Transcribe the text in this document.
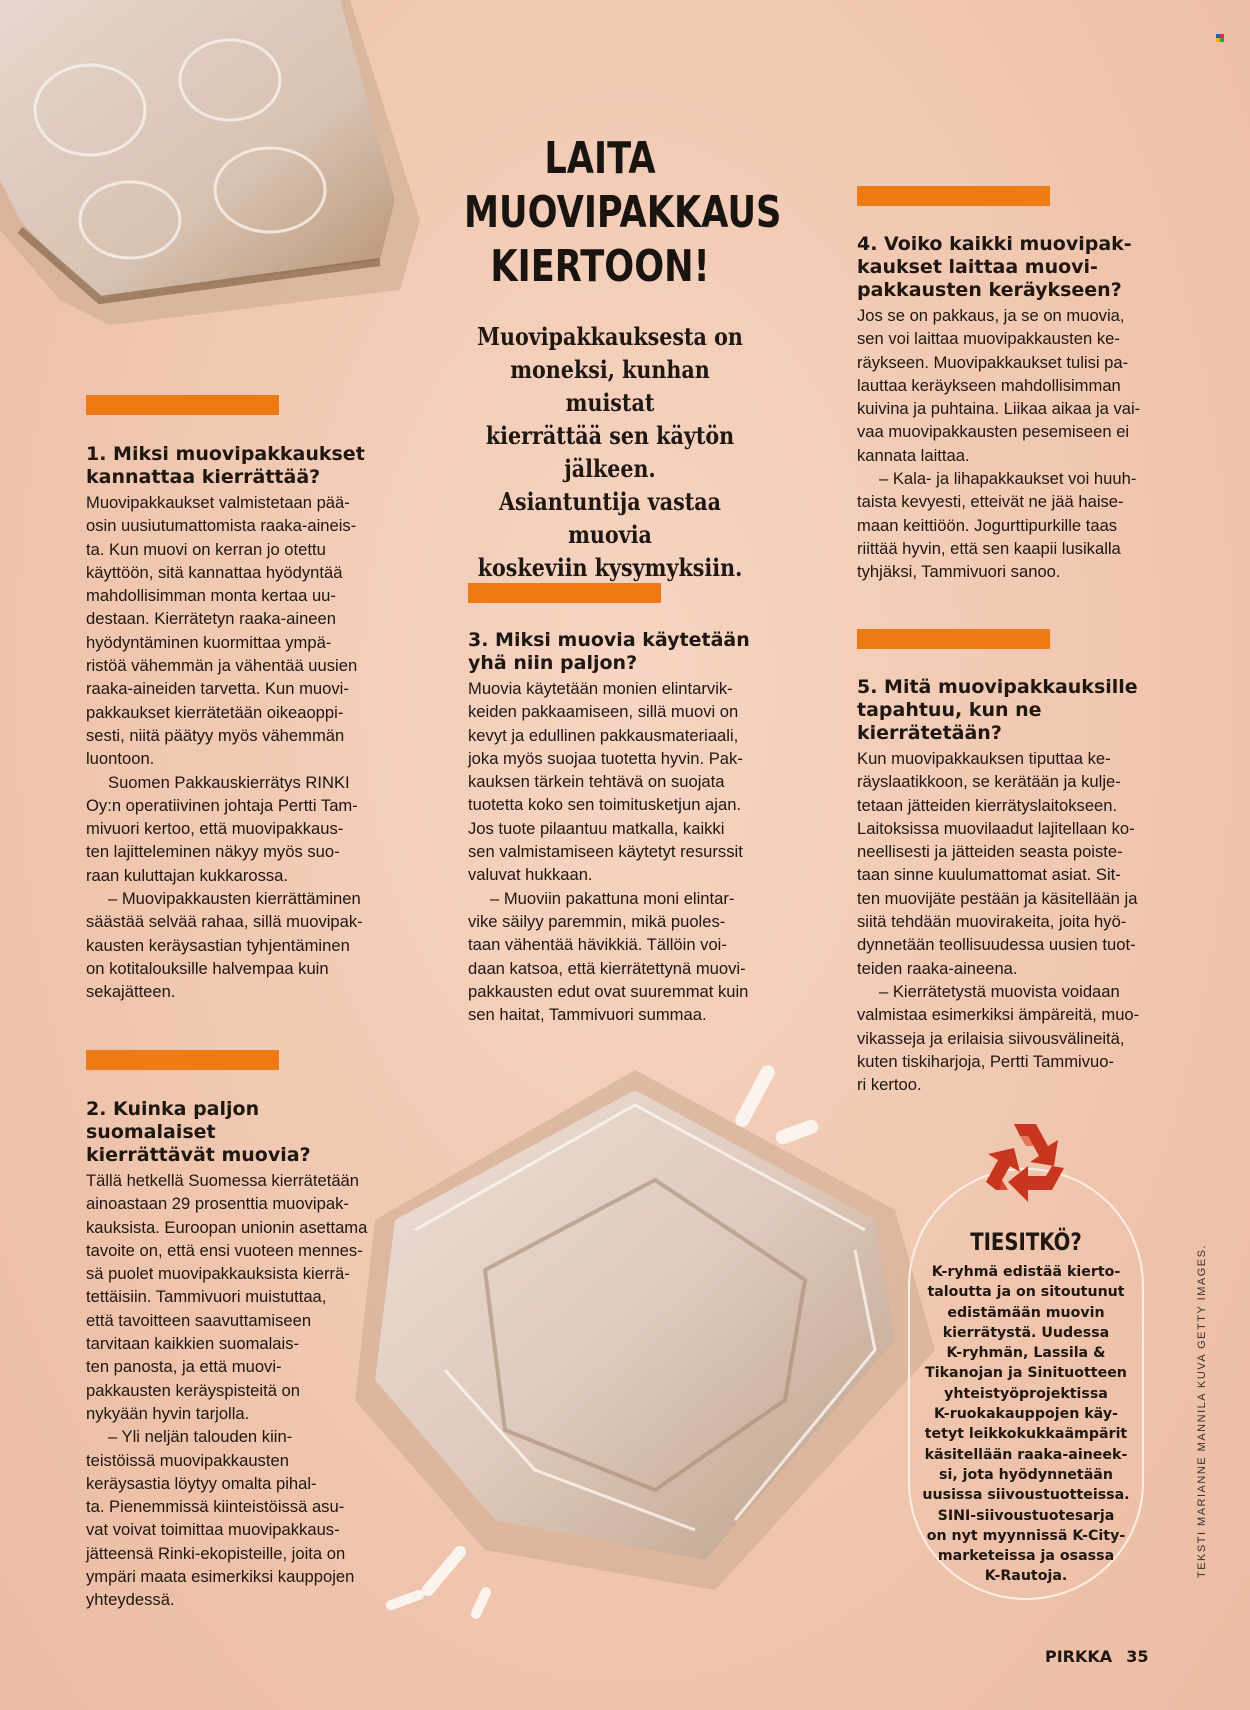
LAITA
MUOVIPAKKAUS
KIERTOON!
Muovipakkauksesta on
moneksi, kunhan muistat
kierrättää sen käytön jälkeen.
Asiantuntija vastaa muovia
koskeviin kysymyksiin.
1. Miksi muovipakkaukset
kannattaa kierrättää?

Muovipakkaukset valmistetaan pää-
osin uusiutumattomista raaka-aineis-
ta. Kun muovi on kerran jo otettu
käyttöön, sitä kannattaa hyödyntää
mahdollisimman monta kertaa uu-
destaan. Kierrätetyn raaka-aineen
hyödyntäminen kuormittaa ympä-
ristöä vähemmän ja vähentää uusien
raaka-aineiden tarvetta. Kun muovi-
pakkaukset kierrätetään oikeaoppi-
sesti, niitä päätyy myös vähemmän
luontoon.
Suomen Pakkauskierrätys RINKI
Oy:n operatiivinen johtaja Pertti Tam-
mivuori kertoo, että muovipakkaus-
ten lajitteleminen näkyy myös suo-
raan kuluttajan kukkarossa.
– Muovipakkausten kierrättäminen
säästää selvää rahaa, sillä muovipak-
kausten keräysastian tyhjentäminen
on kotitalouksille halvempaa kuin
sekajätteen.

2. Kuinka paljon suomalaiset
kierrättävät muovia?

Tällä hetkellä Suomessa kierrätetään
ainoastaan 29 prosenttia muovipak-
kauksista. Euroopan unionin asettama
tavoite on, että ensi vuoteen mennes-
sä puolet muovipakkauksista kierrä-
tettäisiin. Tammivuori muistuttaa,
että tavoitteen saavuttamiseen
tarvitaan kaikkien suomalais-
ten panosta, ja että muovi-
pakkausten keräyspisteitä on
nykyään hyvin tarjolla.
– Yli neljän talouden kiin-
teistöissä muovipakkausten
keräysastia löytyy omalta pihal-
ta. Pienemmissä kiinteistöissä asu-
vat voivat toimittaa muovipakkaus-
jätteensä Rinki-ekopisteille, joita on
ympäri maata esimerkiksi kauppojen
yhteydessä.

3. Miksi muovia käytetään
yhä niin paljon?

Muovia käytetään monien elintarvik-
keiden pakkaamiseen, sillä muovi on
kevyt ja edullinen pakkausmateriaali,
joka myös suojaa tuotetta hyvin. Pak-
kauksen tärkein tehtävä on suojata
tuotetta koko sen toimitusketjun ajan.
Jos tuote pilaantuu matkalla, kaikki
sen valmistamiseen käytetyt resurssit
valuvat hukkaan.
– Muoviin pakattuna moni elintar-
vike säilyy paremmin, mikä puoles-
taan vähentää hävikkiä. Tällöin voi-
daan katsoa, että kierrätettynä muovi-
pakkausten edut ovat suuremmat kuin
sen haitat, Tammivuori summaa.

4. Voiko kaikki muovipak-
kaukset laittaa muovi-
pakkausten keräykseen?

Jos se on pakkaus, ja se on muovia,
sen voi laittaa muovipakkausten ke-
räykseen. Muovipakkaukset tulisi pa-
lauttaa keräykseen mahdollisimman
kuivina ja puhtaina. Liikaa aikaa ja vai-
vaa muovipakkausten pesemiseen ei
kannata laittaa.
– Kala- ja lihapakkaukset voi huuh-
taista kevyesti, etteivät ne jää haise-
maan keittiöön. Jogurttipurkille taas
riittää hyvin, että sen kaapii lusikalla
tyhjäksi, Tammivuori sanoo.

5. Mitä muovipakkauksille
tapahtuu, kun ne
kierrätetään?

Kun muovipakkauksen tiputtaa ke-
räyslaatikkoon, se kerätään ja kulje-
tetaan jätteiden kierrätyslaitokseen.
Laitoksissa muovilaadut lajitellaan ko-
neellisesti ja jätteiden seasta poiste-
taan sinne kuulumattomat asiat. Sit-
ten muovijäte pestään ja käsitellään ja
siitä tehdään muovirakeita, joita hyö-
dynnetään teollisuudessa uusien tuot-
teiden raaka-aineena.
– Kierrätetystä muovista voidaan
valmistaa esimerkiksi ämpäreitä, muo-
vikasseja ja erilaisia siivousvälineitä,
kuten tiskiharjoja, Pertti Tammivuo-
ri kertoo.

TIESITKÖ?
K-ryhmä edistää kierto-
taloutta ja on sitoutunut
edistämään muovin
kierrätystä. Uudessa
K-ryhmän, Lassila &
Tikanojan ja Sinituotteen
yhteistyöprojektissa
K-ruokakauppojen käy-
tetyt leikkokukkaämpärit
käsitellään raaka-aineek-
si, jota hyödynnetään
uusissa siivoustuotteissa.
SINI-siivoustuotesarja
on nyt myynnissä K-City-
marketeissa ja osassa
K-Rautoja.	TEKSTI MARIANNE MANNILA KUVA GETTY IMAGES.
PIRKKA 35
